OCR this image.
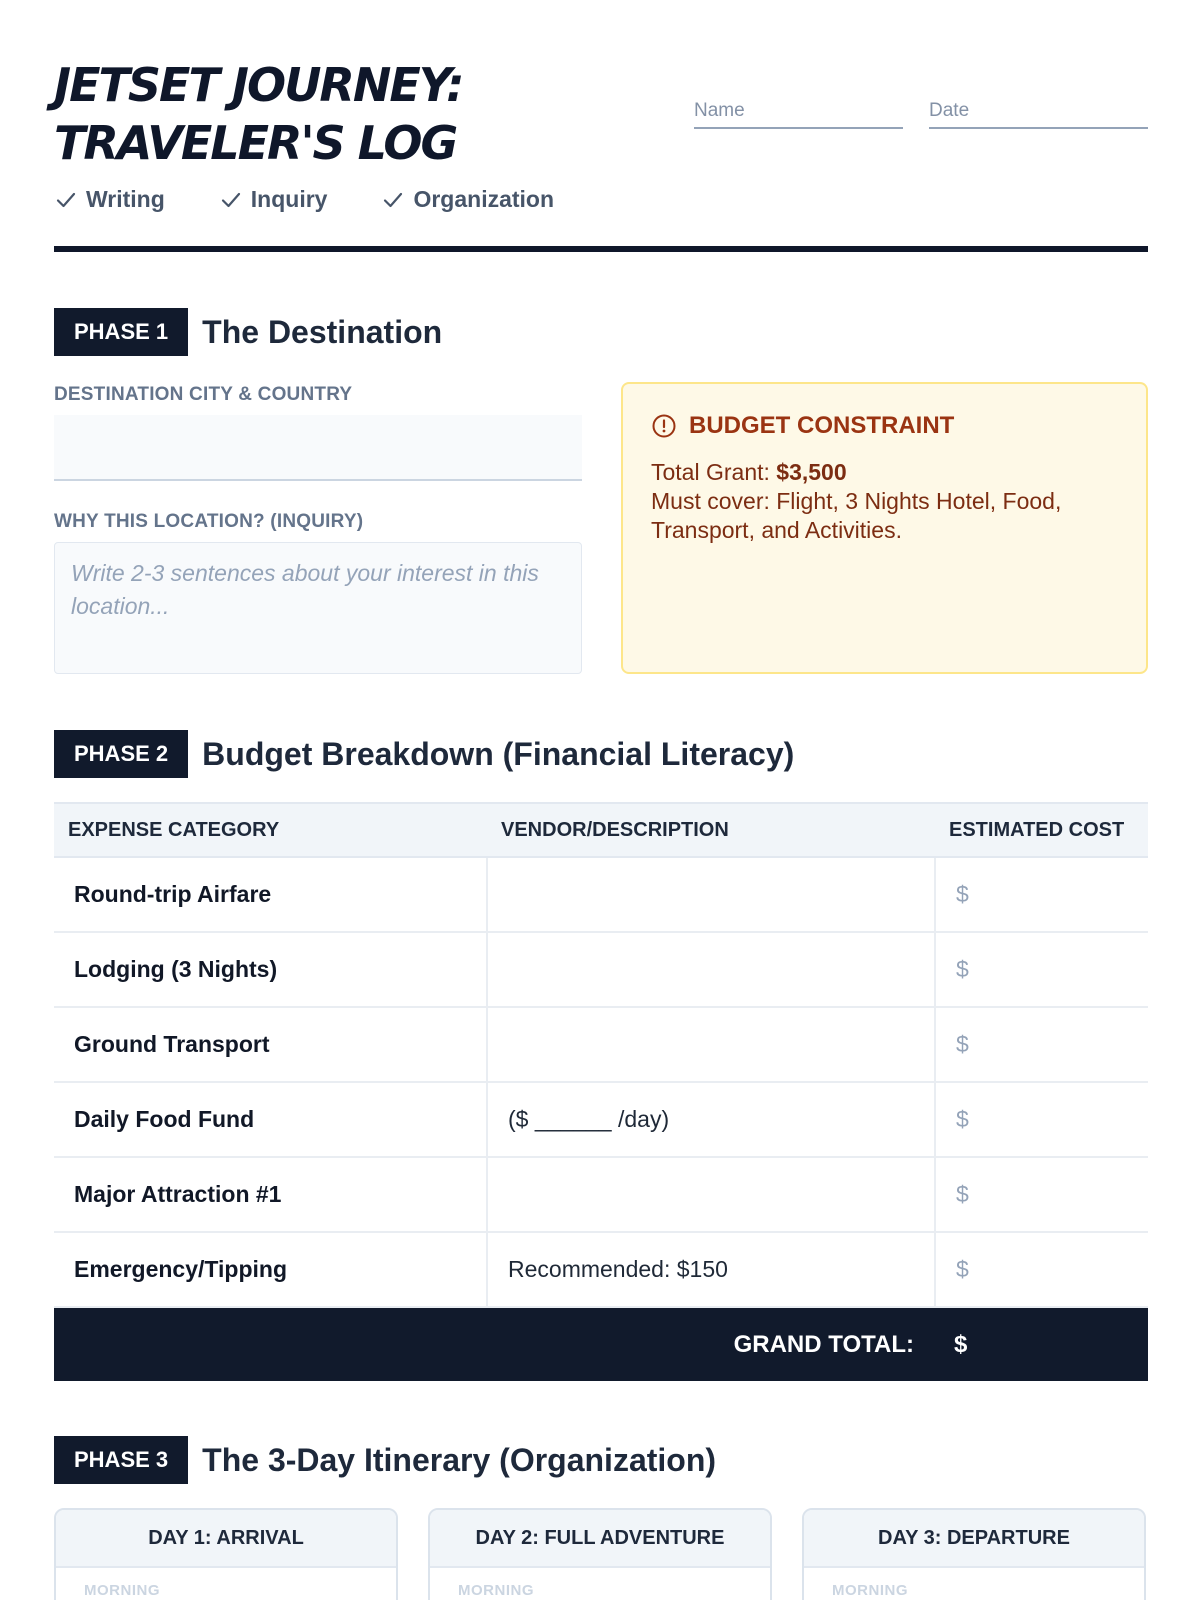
JETSET JOURNEY:
TRAVELER'S LOG
Name	Date
Writing	Inquiry	Organization
PHASE 1	The Destination
DESTINATION CITY & COUNTRY
WHY THIS LOCATION? (INQUIRY)
Write 2-3 sentences about your interest in this location...
BUDGET CONSTRAINT
Total Grant: $3,500
Must cover: Flight, 3 Nights Hotel, Food, Transport, and Activities.
PHASE 2	Budget Breakdown (Financial Literacy)
EXPENSE CATEGORY	VENDOR/DESCRIPTION	ESTIMATED COST
Round-trip Airfare		$
Lodging (3 Nights)		$
Ground Transport		$
Daily Food Fund	($ ______ /day)	$
Major Attraction #1		$
Emergency/Tipping	Recommended: $150	$
GRAND TOTAL: $
PHASE 3	The 3-Day Itinerary (Organization)
DAY 1: ARRIVAL
MORNING
DAY 2: FULL ADVENTURE
MORNING
DAY 3: DEPARTURE
MORNING
